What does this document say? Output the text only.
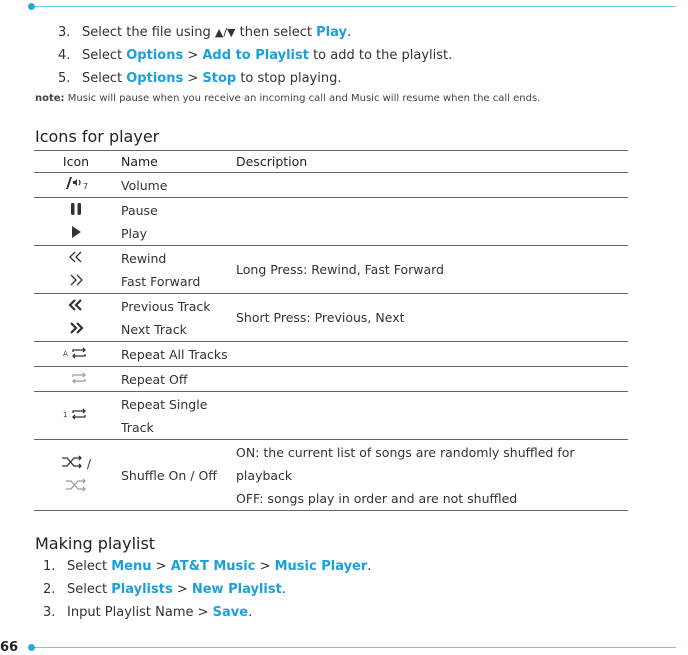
3. Select the file using ▲/▼ then select Play.
4. Select Options > Add to Playlist to add to the playlist.
5. Select Options > Stop to stop playing.
note: Music will pause when you receive an incoming call and Music will resume when the call ends.
Icons for player
Icon	Name	Description

7	Volume	

Pause
Play	

Rewind
Fast Forward	Long Press: Rewind, Fast Forward

Previous Track
Next Track	Short Press: Previous, Next

A	Repeat All Tracks	

Repeat Off	

1	Repeat Single
Track	

/	Shuffle On / Off	ON: the current list of songs are randomly shuffled for
playback
OFF: songs play in order and are not shuffled
Making playlist
1. Select Menu > AT&T Music > Music Player.
2. Select Playlists > New Playlist.
3. Input Playlist Name > Save.
66
